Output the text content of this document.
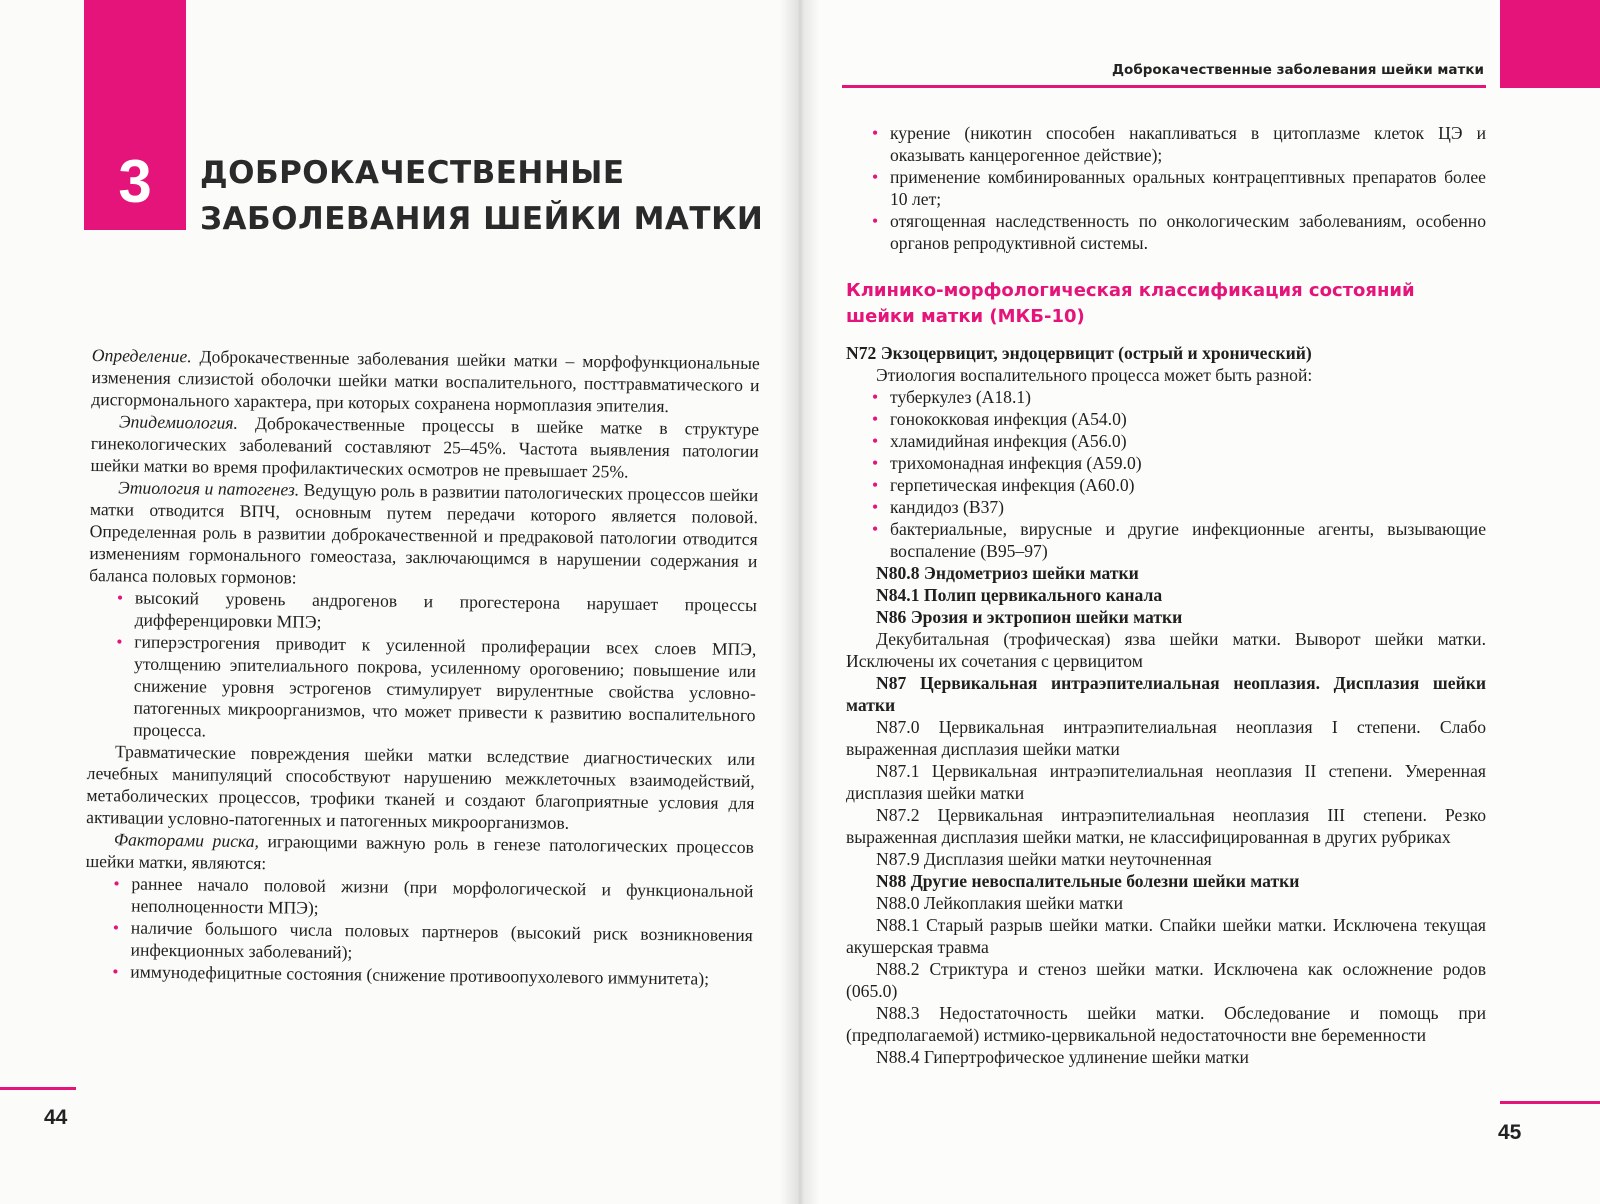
3	ДОБРОКАЧЕСТВЕННЫЕ
ЗАБОЛЕВАНИЯ ШЕЙКИ МАТКИ

Определение. Доброкачественные заболевания шейки матки – морфофункциональные изменения слизистой оболочки шейки матки воспалительного, посттравматического и дисгормонального характера, при которых сохранена нормоплазия эпителия.

Эпидемиология. Доброкачественные процессы в шейке матке в структуре гинекологических заболеваний составляют 25–45%. Частота выявления патологии шейки матки во время профилактических осмотров не превышает 25%.

Этиология и патогенез. Ведущую роль в развитии патологических процессов шейки матки отводится ВПЧ, основным путем передачи которого является половой. Определенная роль в развитии доброкачественной и предраковой патологии отводится изменениям гормонального гомеостаза, заключающимся в нарушении содержания и баланса половых гормонов:

• высокий уровень андрогенов и прогестерона нарушает процессы дифференцировки МПЭ;
• гиперэстрогения приводит к усиленной пролиферации всех слоев МПЭ, утолщению эпителиального покрова, усиленному ороговению; повышение или снижение уровня эстрогенов стимулирует вирулентные свойства условно-патогенных микроорганизмов, что может привести к развитию воспалительного процесса.

Травматические повреждения шейки матки вследствие диагностических или лечебных манипуляций способствуют нарушению межклеточных взаимодействий, метаболических процессов, трофики тканей и создают благоприятные условия для активации условно-патогенных и патогенных микроорганизмов.

Факторами риска, играющими важную роль в генезе патологических процессов шейки матки, являются:

• раннее начало половой жизни (при морфологической и функциональной неполноценности МПЭ);
• наличие большого числа половых партнеров (высокий риск возникновения инфекционных заболеваний);
• иммунодефицитные состояния (снижение противоопухолевого иммунитета);
44
Доброкачественные заболевания шейки матки
• курение (никотин способен накапливаться в цитоплазме клеток ЦЭ и оказывать канцерогенное действие);
• применение комбинированных оральных контрацептивных препаратов более 10 лет;
• отягощенная наследственность по онкологическим заболеваниям, особенно органов репродуктивной системы.
Клинико-морфологическая классификация состояний шейки матки (МКБ-10)

N72 Экзоцервицит, эндоцервицит (острый и хронический)

Этиология воспалительного процесса может быть разной:

• туберкулез (A18.1)
• гонококковая инфекция (A54.0)
• хламидийная инфекция (A56.0)
• трихомонадная инфекция (A59.0)
• герпетическая инфекция (A60.0)
• кандидоз (B37)
• бактериальные, вирусные и другие инфекционные агенты, вызывающие воспаление (B95–97)

N80.8 Эндометриоз шейки матки

N84.1 Полип цервикального канала

N86 Эрозия и эктропион шейки матки

Декубитальная (трофическая) язва шейки матки. Выворот шейки матки. Исключены их сочетания с цервицитом

N87 Цервикальная интраэпителиальная неоплазия. Дисплазия шейки матки

N87.0 Цервикальная интраэпителиальная неоплазия I степени. Слабо выраженная дисплазия шейки матки

N87.1 Цервикальная интраэпителиальная неоплазия II степени. Умеренная дисплазия шейки матки

N87.2 Цервикальная интраэпителиальная неоплазия III степени. Резко выраженная дисплазия шейки матки, не классифицированная в других рубриках

N87.9 Дисплазия шейки матки неуточненная

N88 Другие невоспалительные болезни шейки матки

N88.0 Лейкоплакия шейки матки

N88.1 Старый разрыв шейки матки. Спайки шейки матки. Исключена текущая акушерская травма

N88.2 Стриктура и стеноз шейки матки. Исключена как осложнение родов (065.0)

N88.3 Недостаточность шейки матки. Обследование и помощь при (предполагаемой) истмико-цервикальной недостаточности вне беременности

N88.4 Гипертрофическое удлинение шейки матки

45
